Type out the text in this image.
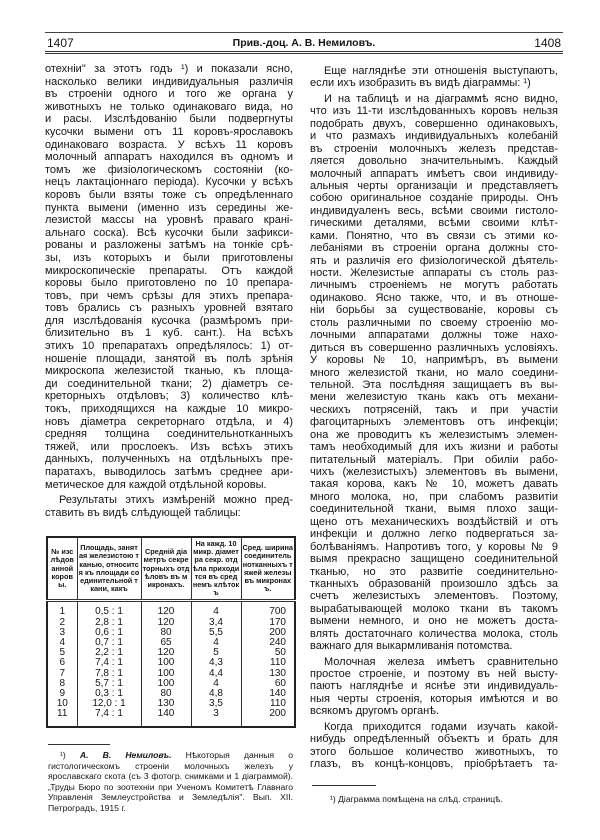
1407	Прив.-доц. А. В. Немиловъ.	1408
отехніи" за этотъ годъ ¹) и показали ясно,
насколько велики индивидуальныя различія
въ строеніи одного и того же органа у
животныхъ не только одинаковаго вида, но
и расы. Изслѣдованію были подвергнуты
кусочки вымени отъ 11 коровъ-ярославокъ
одинаковаго возраста. У всѣхъ 11 коровъ
молочный аппаратъ находился въ одномъ и
томъ же физіологическомъ состояніи (ко-
нецъ лактаціоннаго періода). Кусочки у всѣхъ
коровъ были взяты тоже съ опредѣленнаго
пункта вымени (именно изъ середины же-
лезистой массы на уровнѣ праваго крані-
альнаго соска). Всѣ кусочки были зафикси-
рованы и разложены затѣмъ на тонкіе срѣ-
зы, изъ которыхъ и были приготовлены
микроскопическіе препараты. Отъ каждой
коровы было приготовлено по 10 препара-
товъ, при чемъ срѣзы для этихъ препара-
товъ брались съ разныхъ уровней взятаго
для изслѣдованія кусочка (размѣромъ при-
близительно въ 1 куб. сант.). На всѣхъ
этихъ 10 препаратахъ опредѣлялось: 1) от-
ношеніе площади, занятой въ полѣ зрѣнія
микроскопа железистой тканью, къ площа-
ди соединительной ткани; 2) діаметръ се-
креторныхъ отдѣловъ; 3) количество клѣ-
токъ, приходящихся на каждые 10 микро-
новъ діаметра секреторнаго отдѣла, и 4)
средняя толщина соединительнотканныхъ
тяжей, или прослоекъ. Изъ всѣхъ этихъ
данныхъ, полученныхъ на отдѣльныхъ пре-
паратахъ, выводилось затѣмъ среднее ари-
метическое для каждой отдѣльной коровы.
Результаты этихъ измѣреній можно пред-
ставить въ видѣ слѣдующей таблицы:
Еще нагляднѣе эти отношенія выступаютъ,
если ихъ изобразить въ видѣ діаграммы: ¹)
И на таблицѣ и на діаграммѣ ясно видно,
что изъ 11-ти изслѣдованныхъ коровъ нельзя
подобрать двухъ, совершенно одинаковыхъ,
и что размахъ индивидуальныхъ колебаній
въ строеніи молочныхъ железъ представ-
ляется довольно значительнымъ. Каждый
молочный аппаратъ имѣетъ свои индивиду-
альныя черты организаціи и представляетъ
собою оригинальное созданіе природы. Онъ
индивидуаленъ весь, всѣми своими гистоло-
гическими деталями, всѣми своими клѣт-
ками. Понятно, что въ связи съ этими ко-
лебаніями въ строеніи органа должны сто-
ять и различія его физіологической дѣятель-
ности. Железистые аппараты съ столь раз-
личнымъ строеніемъ не могутъ работать
одинаково. Ясно также, что, и въ отноше-
ніи борьбы за существованіе, коровы съ
столь различными по своему строенію мо-
лочными аппаратами должны тоже нахо-
диться въ совершенно различныхъ условіяхъ.
У коровы № 10, напримѣръ, въ вымени
много железистой ткани, но мало соедини-
тельной. Эта послѣдняя защищаетъ въ вы-
мени железистую ткань какъ отъ механи-
ческихъ потрясеній, такъ и при участіи
фагоцитарныхъ элементовъ отъ инфекціи;
она же проводитъ къ железистымъ элемен-
тамъ необходимый для ихъ жизни и работы
питательный матеріалъ. При обиліи рабо-
чихъ (железистыхъ) элементовъ въ вымени,
такая корова, какъ № 10, можетъ давать
много молока, но, при слабомъ развитіи
соединительной ткани, вымя плохо защи-
щено отъ механическихъ воздѣйствій и отъ
инфекціи и должно легко подвергаться за-
болѣваніямъ. Напротивъ того, у коровы № 9
вымя прекрасно защищено соединительной
тканью, но это развитіе соединительно-
тканныхъ образованій произошло здѣсь за
счетъ железистыхъ элементовъ. Поэтому,
вырабатывающей молоко ткани въ такомъ
вымени немного, и оно не можетъ доста-
влять достаточнаго количества молока, столь
важнаго для выкармливанія потомства.
Молочная железа имѣетъ сравнительно
простое строеніе, и поэтому въ ней высту-
паютъ нагляднѣе и яснѣе эти индивидуаль-
ныя черты строенія, которыя имѣются и во
всякомъ другомъ органѣ.
Когда приходится годами изучать какой-
нибудь опредѣленный объектъ и брать для
этого большое количество животныхъ, то
глазъ, въ концѣ-концовъ, пріобрѣтаетъ та-
№ изслѣдованной коровы.	Площадь, занятая железистою тканью, относится къ площади соединительной ткани, какъ	Средній діаметръ секреторныхъ отдѣловъ въ микронахъ.	На кажд. 10 микр. діаметра секр. отдѣла приходится въ среднемъ клѣтокъ	Сред. ширина соединительнотканныхъ тяжей железы въ микронахъ.
1	0,5 : 1	120	4	700
2	2,8 : 1	120	3,4	170
3	0,6 : 1	80	5,5	200
4	0,7 : 1	65	4	240
5	2,2 : 1	120	5	50
6	7,4 : 1	100	4,3	110
7	7,8 : 1	100	4,4	130
8	5,7 : 1	100	4	60
9	0,3 : 1	80	4,8	140
10	12,0 : 1	130	3,5	110
11	7,4 : 1	140	3	200
¹) А. В. Немиловъ. Нѣкоторыя данныя о гистологическомъ строеніи молочныхъ железъ у ярославскаго скота (съ 3 фотогр. снимками и 1 діаграммой). „Труды Бюро по зоотехніи при Ученомъ Комитетѣ Главнаго Управленія Землеустройства и Земледѣлія". Вып. XII. Петроградъ, 1915 г.
¹) Діаграмма помѣщена на слѣд. страницѣ.
